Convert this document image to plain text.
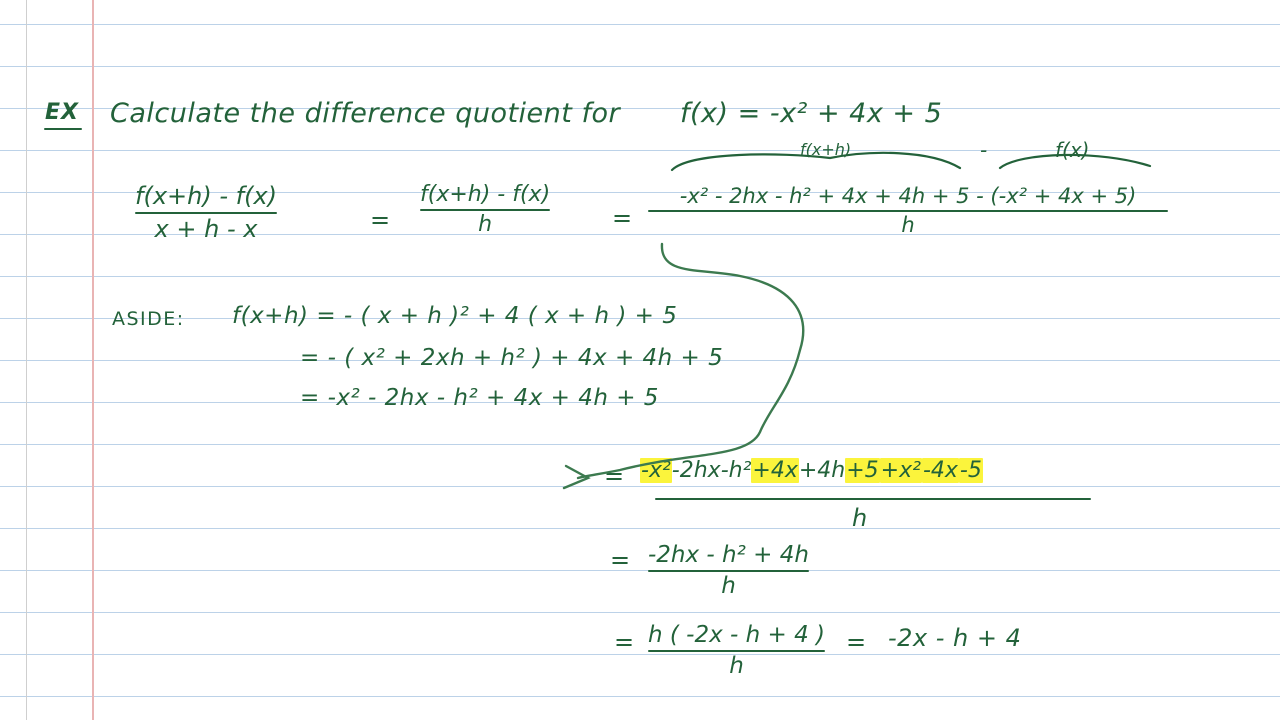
EX Calculate the difference quotient for f(x) = -x² + 4x + 5
f(x+h)	-	f(x)
f(x+h) - f(x)
x + h - x	=
f(x+h) - f(x)
h	=
-x² - 2hx - h² + 4x + 4h + 5 - (-x² + 4x + 5)
h
ASIDE: f(x+h) = - ( x + h )² + 4 ( x + h ) + 5
= - ( x² + 2xh + h² ) + 4x + 4h + 5
= -x² - 2hx - h² + 4x + 4h + 5
= -x²-2hx-h²+4x+4h+5+x²-4x-5
h
= -2hx - h² + 4h
h
= h ( -2x - h + 4 )
h
= -2x - h + 4
